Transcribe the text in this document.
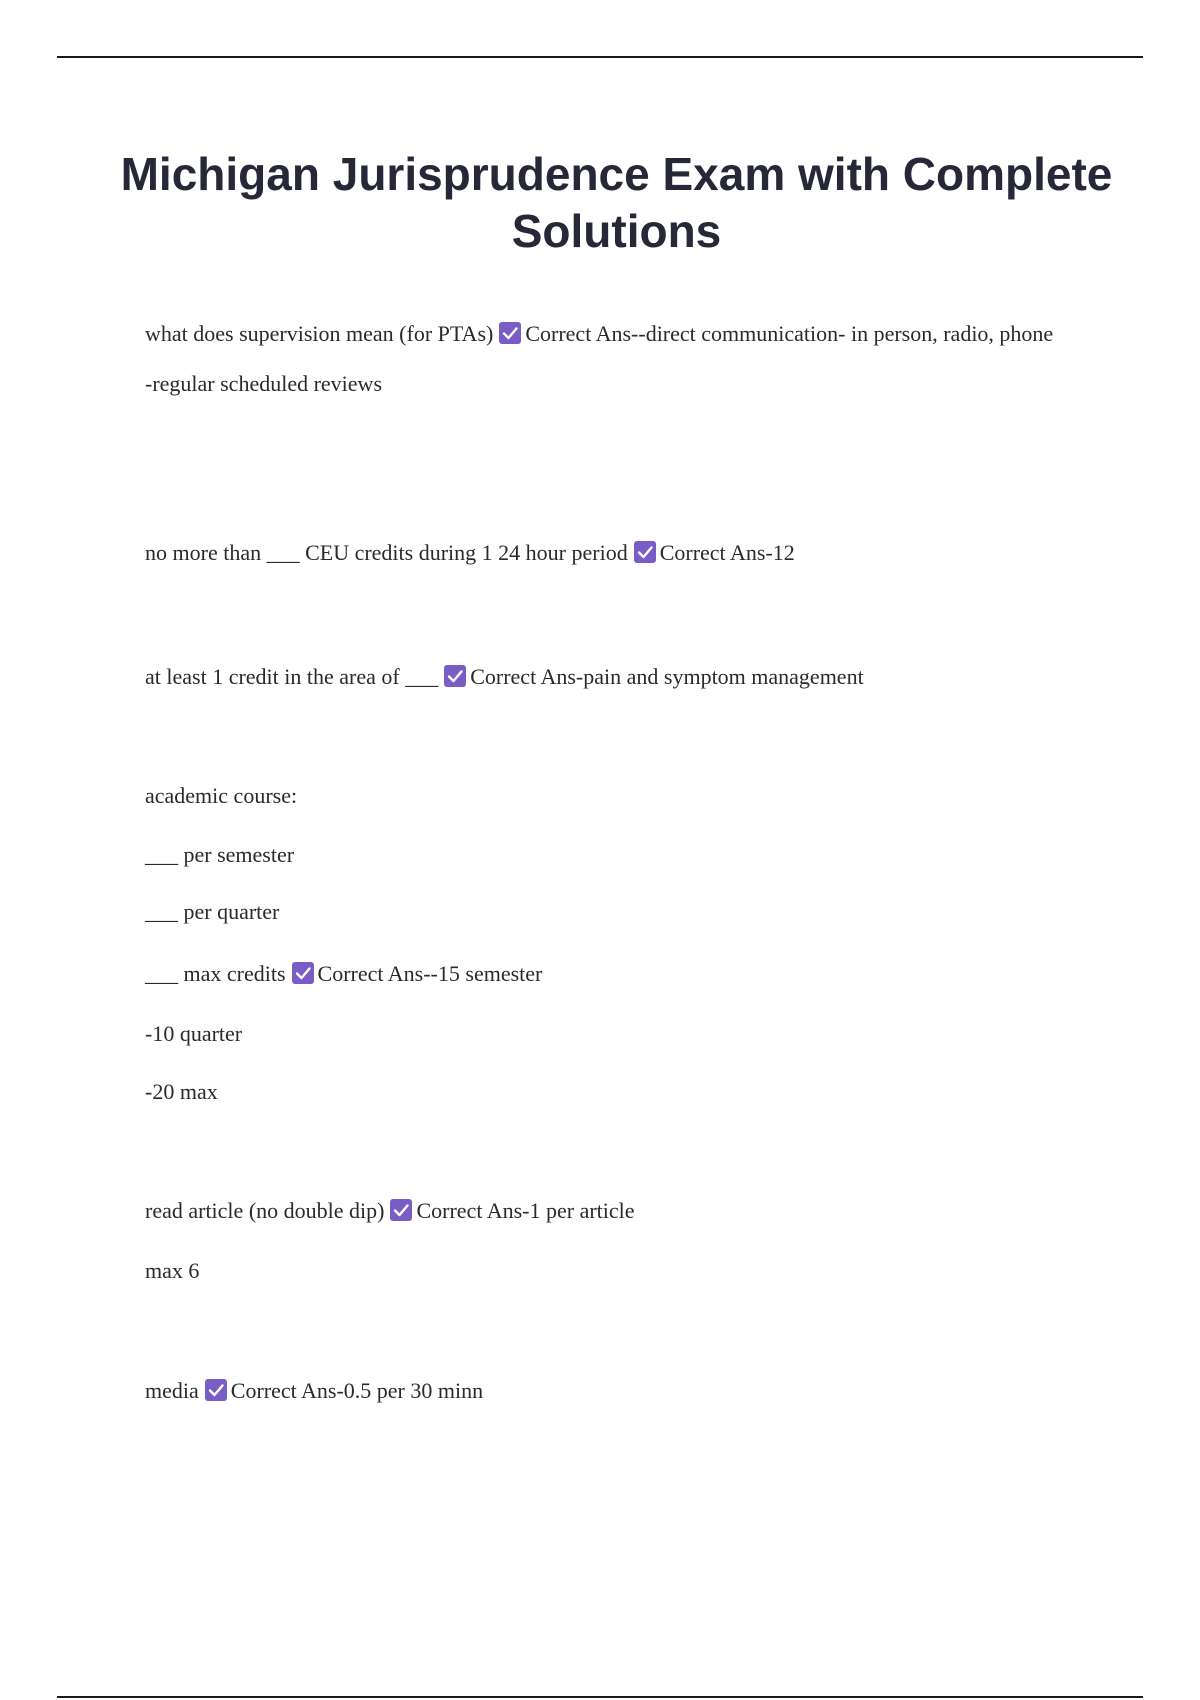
Michigan Jurisprudence Exam with Complete Solutions

what does supervision mean (for PTAs) Correct Ans--direct communication- in person, radio, phone

-regular scheduled reviews

no more than ___ CEU credits during 1 24 hour period Correct Ans-12

at least 1 credit in the area of ___ Correct Ans-pain and symptom management

academic course:

___ per semester

___ per quarter

___ max credits Correct Ans--15 semester

-10 quarter

-20 max

read article (no double dip) Correct Ans-1 per article

max 6

media Correct Ans-0.5 per 30 minn
